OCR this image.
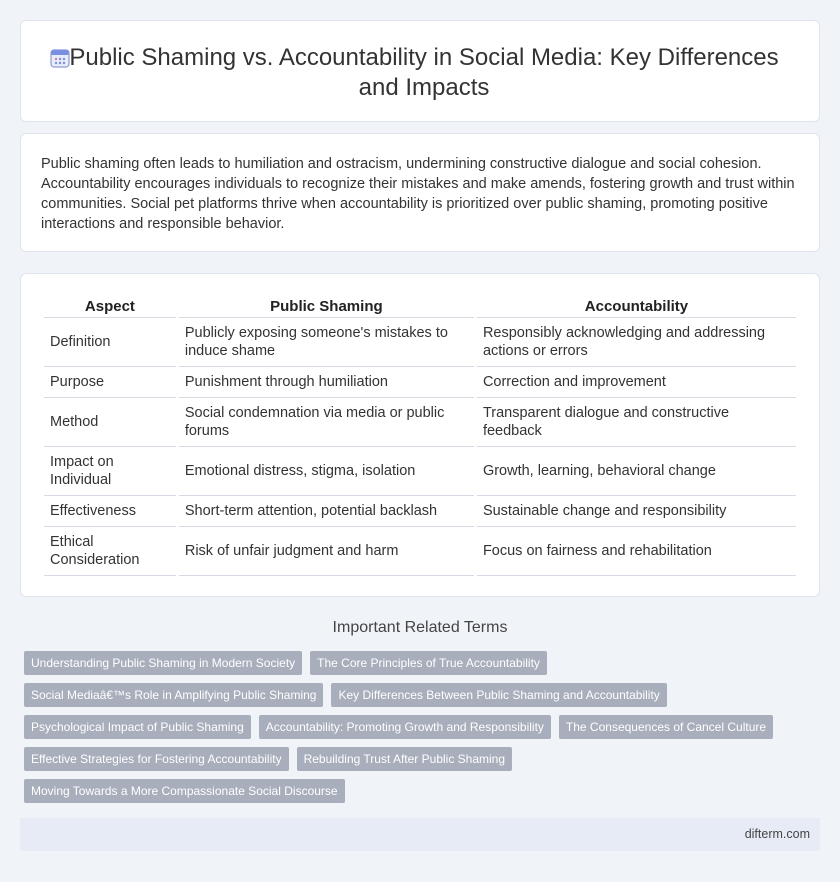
Public Shaming vs. Accountability in Social Media: Key Differences and Impacts

Public shaming often leads to humiliation and ostracism, undermining constructive dialogue and social cohesion. Accountability encourages individuals to recognize their mistakes and make amends, fostering growth and trust within communities. Social pet platforms thrive when accountability is prioritized over public shaming, promoting positive interactions and responsible behavior.

Aspect	Public Shaming	Accountability
Definition	Publicly exposing someone's mistakes to induce shame	Responsibly acknowledging and addressing actions or errors
Purpose	Punishment through humiliation	Correction and improvement
Method	Social condemnation via media or public forums	Transparent dialogue and constructive feedback
Impact on Individual	Emotional distress, stigma, isolation	Growth, learning, behavioral change
Effectiveness	Short-term attention, potential backlash	Sustainable change and responsibility
Ethical Consideration	Risk of unfair judgment and harm	Focus on fairness and rehabilitation
Important Related Terms
Understanding Public Shaming in Modern Society	The Core Principles of True Accountability
Social Mediaâ€™s Role in Amplifying Public Shaming	Key Differences Between Public Shaming and Accountability
Psychological Impact of Public Shaming	Accountability: Promoting Growth and Responsibility	The Consequences of Cancel Culture
Effective Strategies for Fostering Accountability	Rebuilding Trust After Public Shaming
Moving Towards a More Compassionate Social Discourse
difterm.com
